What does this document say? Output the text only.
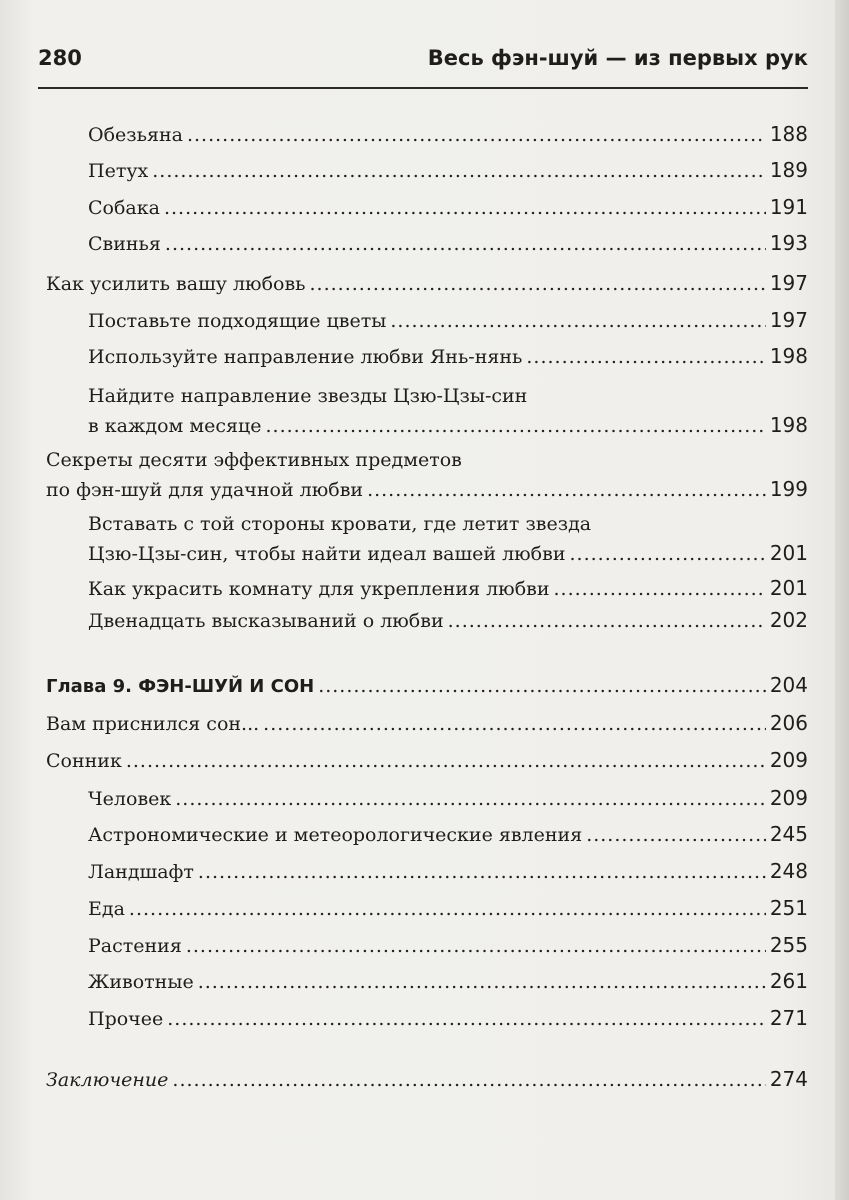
280	Весь фэн-шуй — из первых рук
Обезьяна .....	188
Петух .....	189
Собака .....	191
Свинья .....	193
Как усилить вашу любовь .....	197
Поставьте подходящие цветы .....	197
Используйте направление любви Янь-нянь .....	198
Найдите направление звезды Цзю-Цзы-син
в каждом месяце .....	198
Секреты десяти эффективных предметов
по фэн-шуй для удачной любви .....	199
Вставать с той стороны кровати, где летит звезда
Цзю-Цзы-син, чтобы найти идеал вашей любви .....	201
Как украсить комнату для укрепления любви .....	201
Двенадцать высказываний о любви .....	202
Глава 9. ФЭН-ШУЙ И СОН .....	204
Вам приснился сон... .....	206
Сонник .....	209
Человек .....	209
Астрономические и метеорологические явления .....	245
Ландшафт .....	248
Еда .....	251
Растения .....	255
Животные .....	261
Прочее .....	271
Заключение .....	274
